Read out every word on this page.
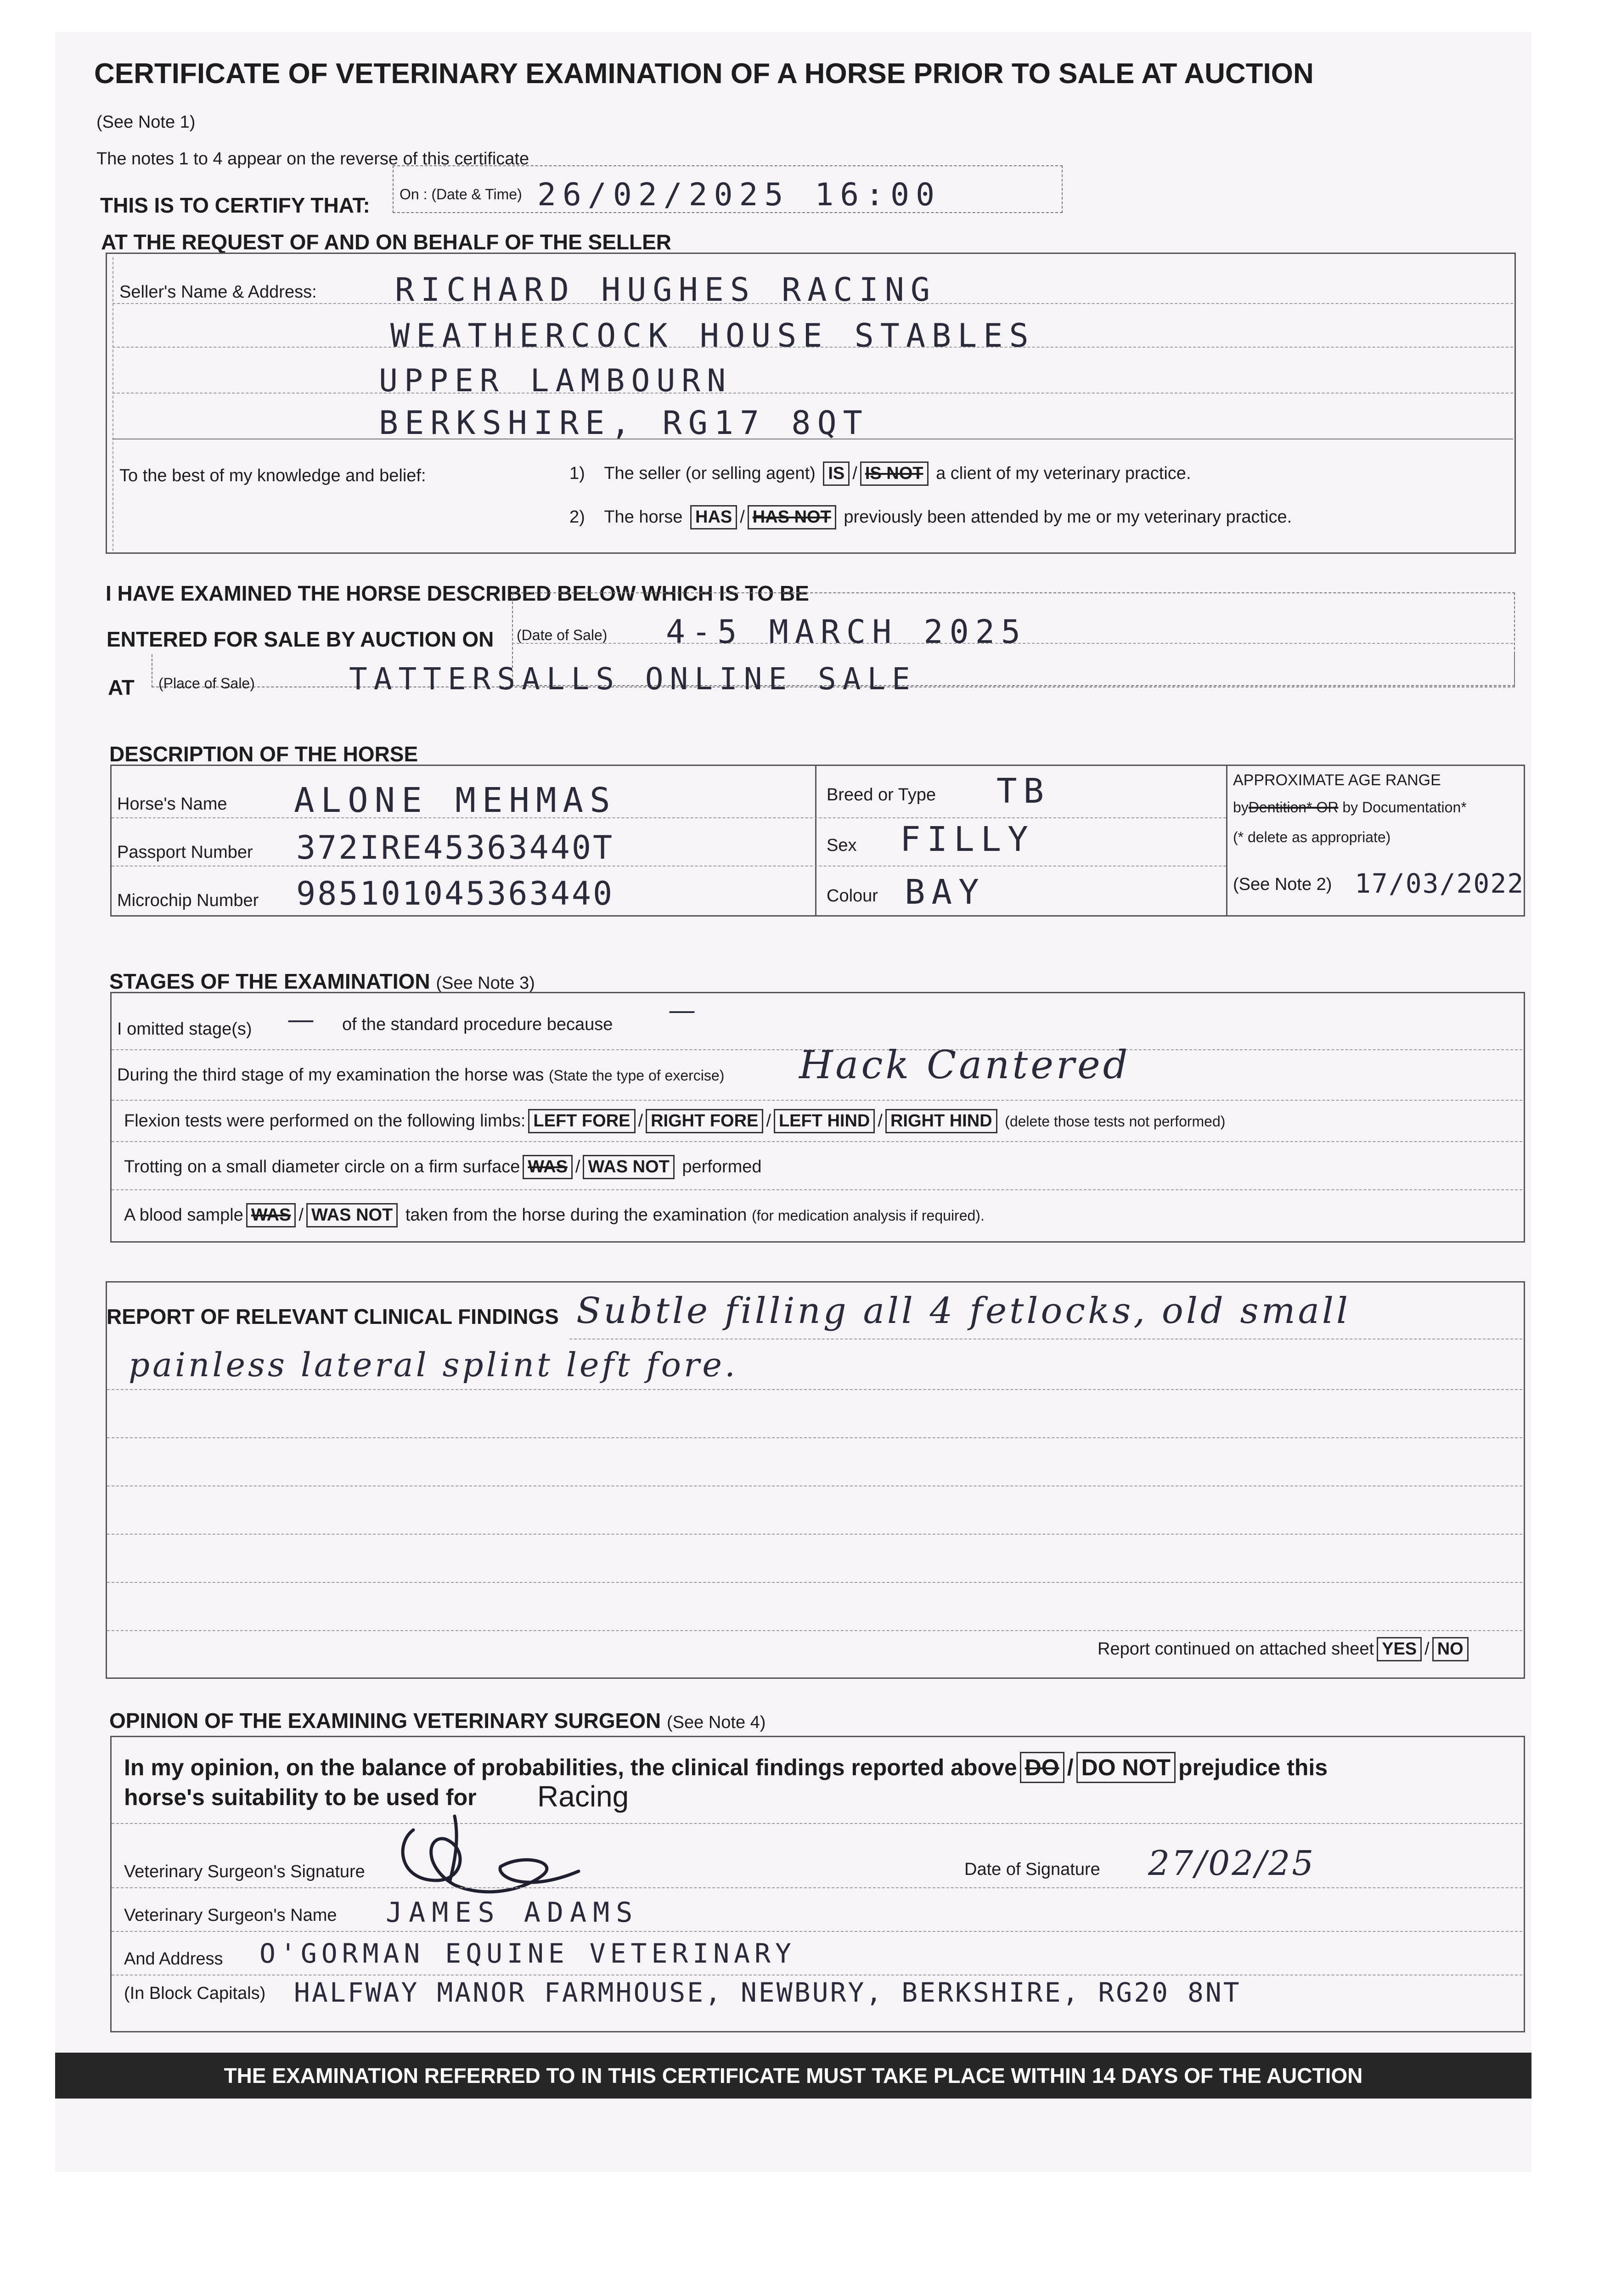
CERTIFICATE OF VETERINARY EXAMINATION OF A HORSE PRIOR TO SALE AT AUCTION
(See Note 1)
The notes 1 to 4 appear on the reverse of this certificate
THIS IS TO CERTIFY THAT: On : (Date & Time) 26/02/2025 16:00
AT THE REQUEST OF AND ON BEHALF OF THE SELLER
Seller's Name & Address: RICHARD HUGHES RACING
WEATHERCOCK HOUSE STABLES
UPPER LAMBOURN
BERKSHIRE, RG17 8QT
To the best of my knowledge and belief:	1) The seller (or selling agent) IS / IS NOT a client of my veterinary practice.
2) The horse HAS / HAS NOT previously been attended by me or my veterinary practice.
I HAVE EXAMINED THE HORSE DESCRIBED BELOW WHICH IS TO BE
ENTERED FOR SALE BY AUCTION ON (Date of Sale) 4-5 MARCH 2025
AT (Place of Sale)	TATTERSALLS ONLINE SALE
DESCRIPTION OF THE HORSE
Horse's Name ALONE MEHMAS
Passport Number 372IRE45363440T
Microchip Number 985101045363440
Breed or Type TB
Sex FILLY
Colour BAY
APPROXIMATE AGE RANGE
byDentition* OR by Documentation*
(* delete as appropriate)
(See Note 2) 17/03/2022
STAGES OF THE EXAMINATION (See Note 3)
I omitted stage(s) — of the standard procedure because —
During the third stage of my examination the horse was (State the type of exercise) Hack Cantered
Flexion tests were performed on the following limbs: LEFT FORE / RIGHT FORE / LEFT HIND / RIGHT HIND (delete those tests not performed)
Trotting on a small diameter circle on a firm surface WAS / WAS NOT performed
A blood sample WAS / WAS NOT taken from the horse during the examination (for medication analysis if required).
REPORT OF RELEVANT CLINICAL FINDINGS Subtle filling all 4 fetlocks, old small
painless lateral splint left fore.
Report continued on attached sheet YES / NO
OPINION OF THE EXAMINING VETERINARY SURGEON (See Note 4)
In my opinion, on the balance of probabilities, the clinical findings reported above DO / DO NOT prejudice this
horse's suitability to be used for Racing
Veterinary Surgeon's Signature	Date of Signature 27/02/25
Veterinary Surgeon's Name JAMES ADAMS
And Address O'GORMAN EQUINE VETERINARY
(In Block Capitals) HALFWAY MANOR FARMHOUSE, NEWBURY, BERKSHIRE, RG20 8NT
THE EXAMINATION REFERRED TO IN THIS CERTIFICATE MUST TAKE PLACE WITHIN 14 DAYS OF THE AUCTION
